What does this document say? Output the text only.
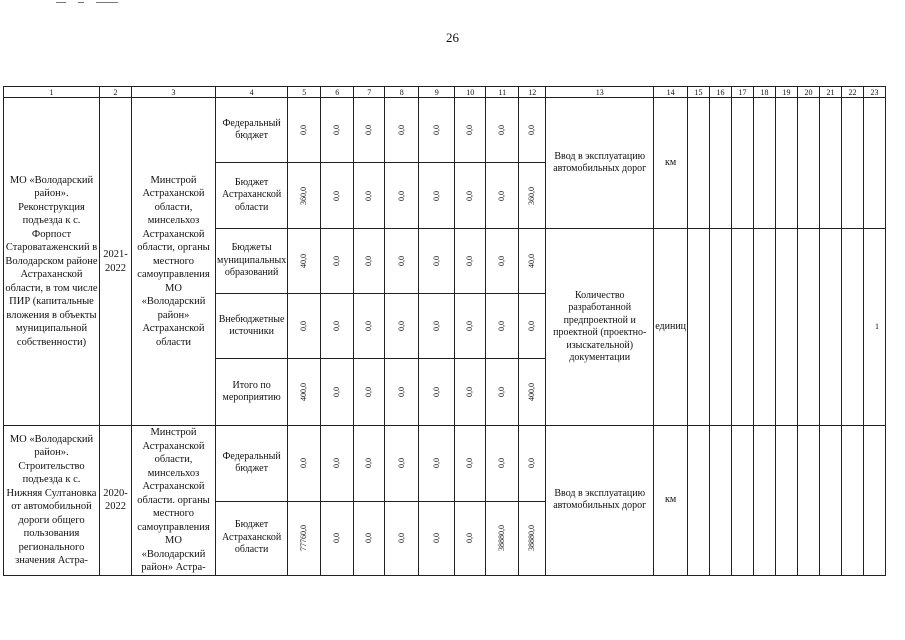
26
1	2	3	4	5	6	7	8	9	10	11	12	13	14	15	16	17	18	19	20	21	22	23
МО «Володарский район». Реконструкция подъезда к с. Форпост Староватаженский в Володарском районе Астраханской области, в том числе ПИР (капитальные вложения в объекты муниципальной собственности)	2021-2022	Минстрой Астраханской области, минсельхоз Астраханской области, органы местного самоуправления МО «Володарский район» Астраханской области	Федеральный бюджет	0,0	0,0	0,0	0,0	0,0	0,0	0,0	0,0	Ввод в эксплуатацию автомобильных дорог	км									
			Бюджет Астраханской области	360,0	0,0	0,0	0,0	0,0	0,0	0,0	360,0											
			Бюджеты муниципальных образований	40,0	0,0	0,0	0,0	0,0	0,0	0,0	40,0	Количество разработанной предпроектной и проектной (проектно-изыскательной) документации	единиц									1
			Внебюджетные источники	0,0	0,0	0,0	0,0	0,0	0,0	0,0	0,0											
			Итого по мероприятию	400,0	0,0	0,0	0,0	0,0	0,0	0,0	400,0											
МО «Володарский район». Строительство подъезда к с. Нижняя Султановка от автомобильной дороги общего пользования регионального значения Астра-	2020-2022	Минстрой Астраханской области, минсельхоз Астраханской области. органы местного самоуправления МО «Володарский район» Астра-	Федеральный бюджет	0,0	0,0	0,0	0,0	0,0	0,0	0,0	0,0	Ввод в эксплуатацию автомобильных дорог	км									
			Бюджет Астраханской области	77760,0	0,0	0,0	0,0	0,0	0,0	38880,0	38880,0											
